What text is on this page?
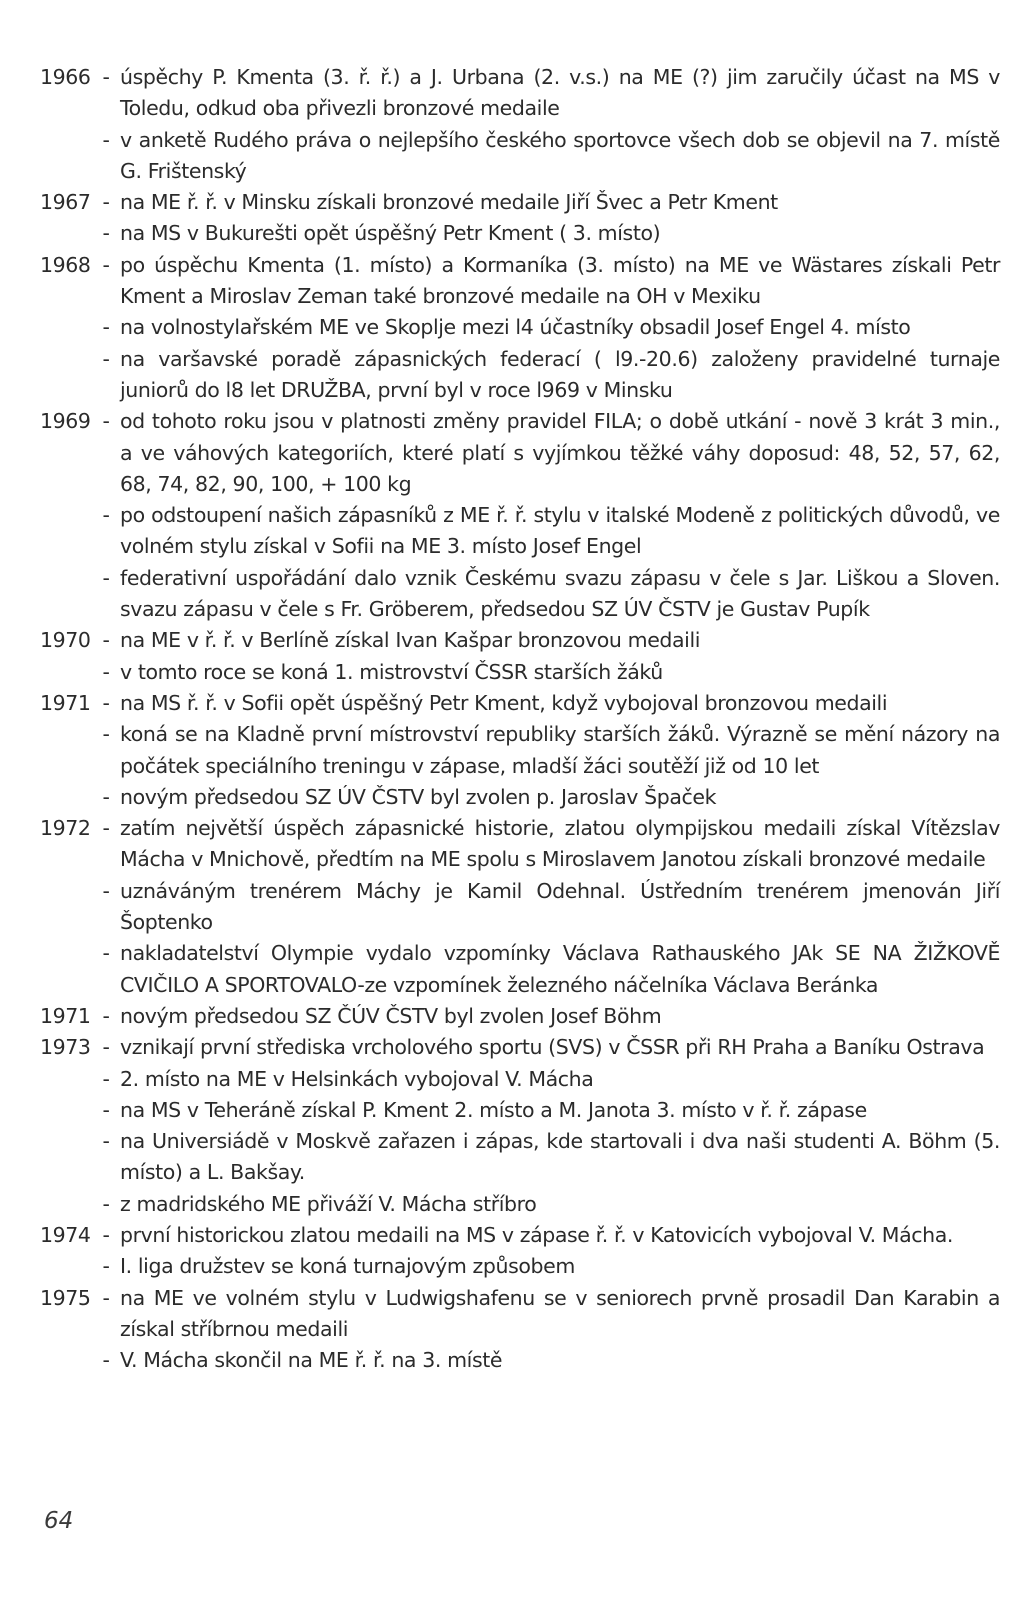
1966 - úspěchy P. Kmenta (3. ř. ř.) a J. Urbana (2. v.s.) na ME (?) jim zaručily účast na MS v Toledu, odkud oba přivezli bronzové medaile
- v anketě Rudého práva o nejlepšího českého sportovce všech dob se objevil na 7. místě G. Frištenský
1967 - na ME ř. ř. v Minsku získali bronzové medaile Jiří Švec a Petr Kment
- na MS v Bukurešti opět úspěšný Petr Kment ( 3. místo)
1968 - po úspěchu Kmenta (1. místo) a Kormaníka (3. místo) na ME ve Wästares získali Petr Kment a Miroslav Zeman také bronzové medaile na OH v Mexiku
- na volnostylařském ME ve Skoplje mezi l4 účastníky obsadil Josef Engel 4. místo
- na varšavské poradě zápasnických federací ( l9.-20.6) založeny pravidelné turnaje juniorů do l8 let DRUŽBA, první byl v roce l969 v Minsku
1969 - od tohoto roku jsou v platnosti změny pravidel FILA; o době utkání - nově 3 krát 3 min., a ve váhových kategoriích, které platí s vyjímkou těžké váhy doposud: 48, 52, 57, 62, 68, 74, 82, 90, 100, + 100 kg
- po odstoupení našich zápasníků z ME ř. ř. stylu v italské Modeně z politických důvodů, ve volném stylu získal v Sofii na ME 3. místo Josef Engel
- federativní uspořádání dalo vznik Českému svazu zápasu v čele s Jar. Liškou a Sloven. svazu zápasu v čele s Fr. Gröberem, předsedou SZ ÚV ČSTV je Gustav Pupík
1970 - na ME v ř. ř. v Berlíně získal Ivan Kašpar bronzovou medaili
- v tomto roce se koná 1. mistrovství ČSSR starších žáků
1971 - na MS ř. ř. v Sofii opět úspěšný Petr Kment, když vybojoval bronzovou medaili
- koná se na Kladně první místrovství republiky starších žáků. Výrazně se mění názory na počátek speciálního treningu v zápase, mladší žáci soutěží již od 10 let
- novým předsedou SZ ÚV ČSTV byl zvolen p. Jaroslav Špaček
1972 - zatím největší úspěch zápasnické historie, zlatou olympijskou medaili získal Vítězslav Mácha v Mnichově, předtím na ME spolu s Miroslavem Janotou získali bronzové medaile
- uznáváným trenérem Máchy je Kamil Odehnal. Ústředním trenérem jmenován Jiří Šoptenko
- nakladatelství Olympie vydalo vzpomínky Václava Rathauského JAk SE NA ŽIŽKOVĚ CVIČILO A SPORTOVALO-ze vzpomínek železného náčelníka Václava Beránka
1971 - novým předsedou SZ ČÚV ČSTV byl zvolen Josef Böhm
1973 - vznikají první střediska vrcholového sportu (SVS) v ČSSR při RH Praha a Baníku Ostrava
- 2. místo na ME v Helsinkách vybojoval V. Mácha
- na MS v Teheráně získal P. Kment 2. místo a M. Janota 3. místo v ř. ř. zápase
- na Universiádě v Moskvě zařazen i zápas, kde startovali i dva naši studenti A. Böhm (5. místo) a L. Bakšay.
- z madridského ME přiváží V. Mácha stříbro
1974 - první historickou zlatou medaili na MS v zápase ř. ř. v Katovicích vybojoval V. Mácha.
- I. liga družstev se koná turnajovým způsobem
1975 - na ME ve volném stylu v Ludwigshafenu se v seniorech prvně prosadil Dan Karabin a získal stříbrnou medaili
- V. Mácha skončil na ME ř. ř. na 3. místě
64
